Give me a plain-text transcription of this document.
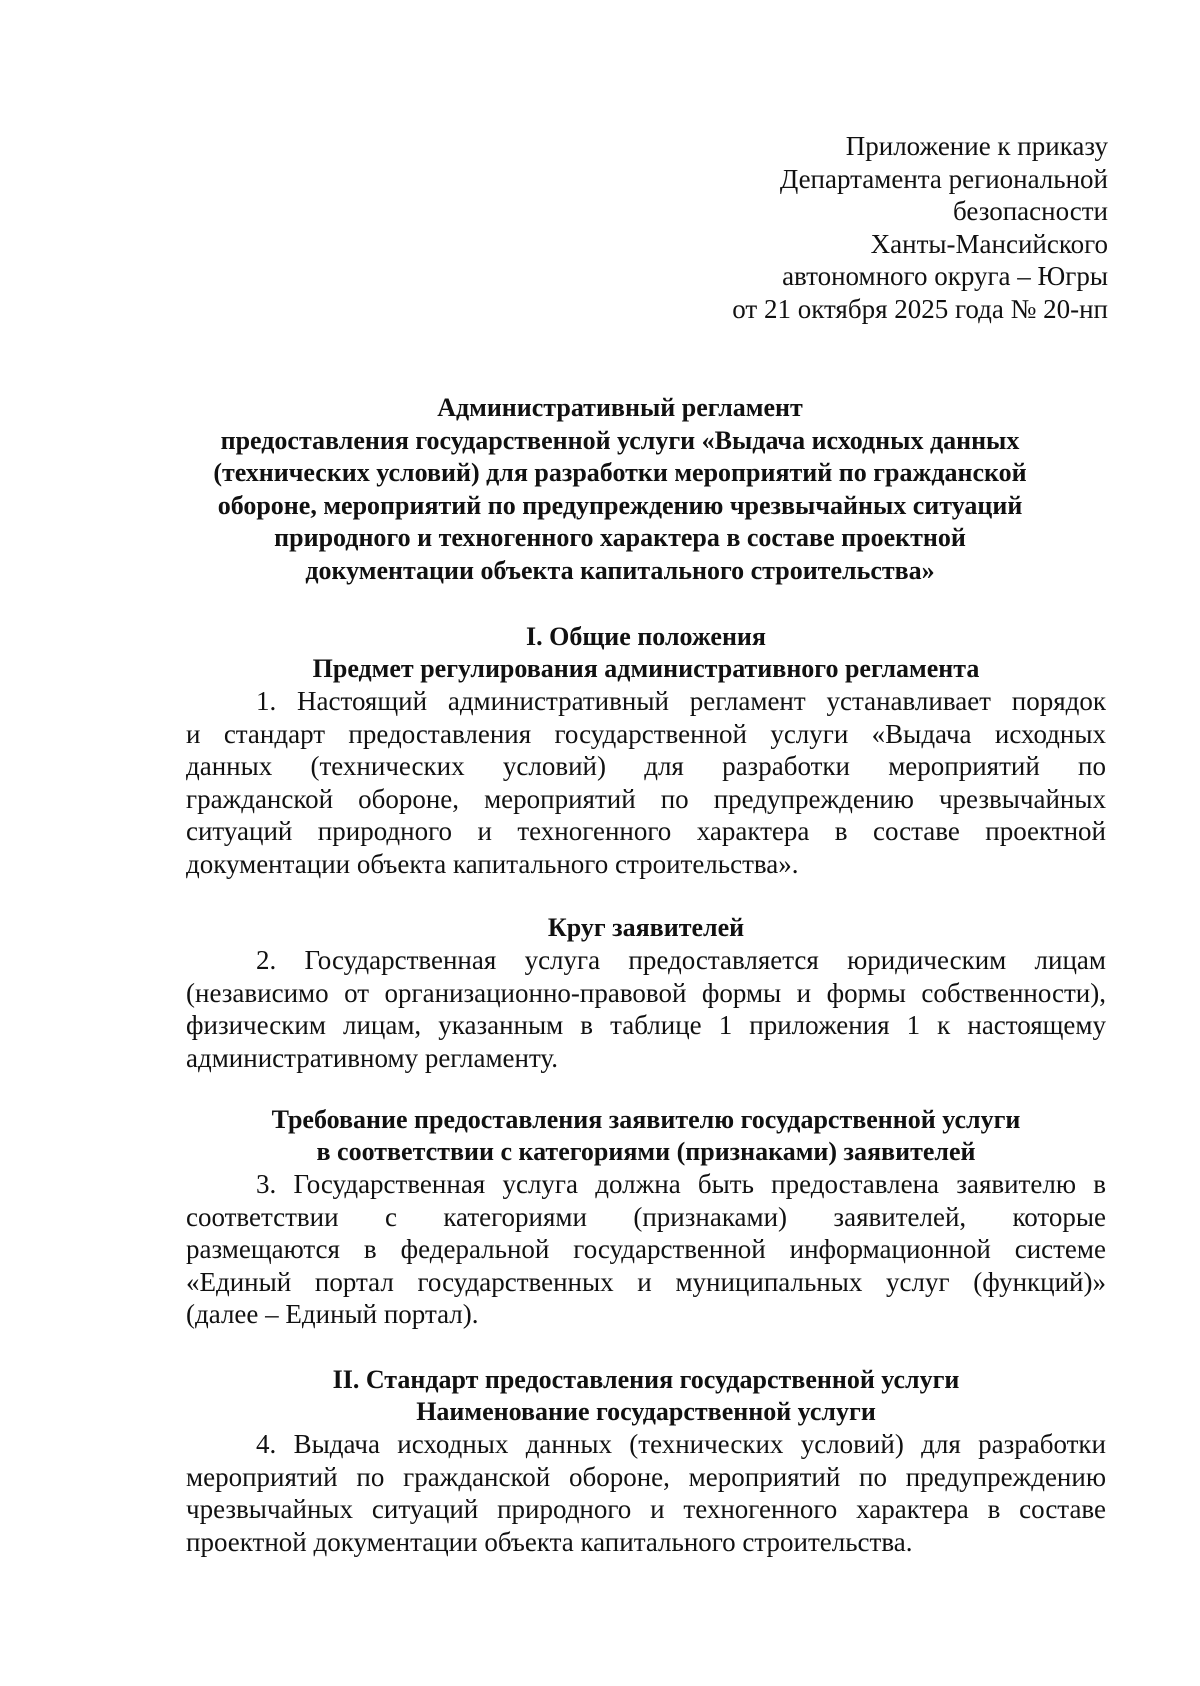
Приложение к приказу
Департамента региональной
безопасности
Ханты-Мансийского
автономного округа – Югры
от 21 октября 2025 года № 20-нп
Административный регламент
предоставления государственной услуги «Выдача исходных данных
(технических условий) для разработки мероприятий по гражданской
обороне, мероприятий по предупреждению чрезвычайных ситуаций
природного и техногенного характера в составе проектной
документации объекта капитального строительства»
I. Общие положения
Предмет регулирования административного регламента
1. Настоящий административный регламент устанавливает порядок
и стандарт предоставления государственной услуги «Выдача исходных
данных (технических условий) для разработки мероприятий по
гражданской обороне, мероприятий по предупреждению чрезвычайных
ситуаций природного и техногенного характера в составе проектной
документации объекта капитального строительства».
Круг заявителей
2. Государственная услуга предоставляется юридическим лицам
(независимо от организационно-правовой формы и формы собственности),
физическим лицам, указанным в таблице 1 приложения 1 к настоящему
административному регламенту.
Требование предоставления заявителю государственной услуги
в соответствии с категориями (признаками) заявителей
3. Государственная услуга должна быть предоставлена заявителю в
соответствии с категориями (признаками) заявителей, которые
размещаются в федеральной государственной информационной системе
«Единый портал государственных и муниципальных услуг (функций)»
(далее – Единый портал).
II. Стандарт предоставления государственной услуги
Наименование государственной услуги
4. Выдача исходных данных (технических условий) для разработки
мероприятий по гражданской обороне, мероприятий по предупреждению
чрезвычайных ситуаций природного и техногенного характера в составе
проектной документации объекта капитального строительства.
